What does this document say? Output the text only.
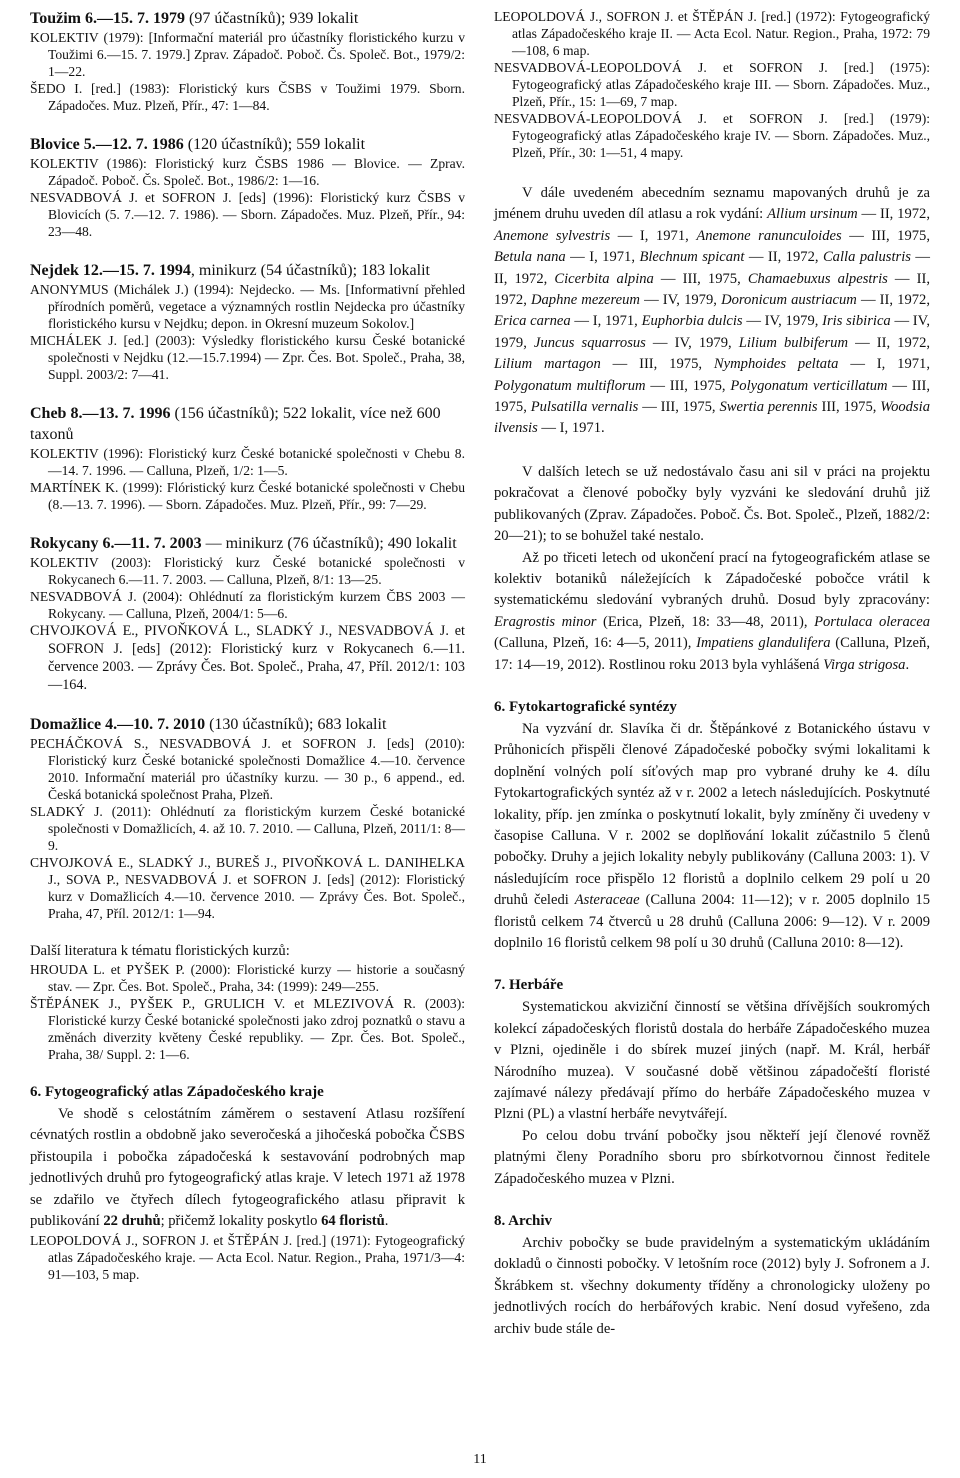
Toužim 6.—15. 7. 1979 (97 účastníků); 939 lokalit

KOLEKTIV (1979): [Informační materiál pro účastníky floristického kurzu v Toužimi 6.—15. 7. 1979.] Zprav. Západoč. Poboč. Čs. Společ. Bot., 1979/2: 1—22.

ŠEDO I. [red.] (1983): Floristický kurs ČSBS v Toužimi 1979. Sborn. Západočes. Muz. Plzeň, Přír., 47: 1—84.

Blovice 5.—12. 7. 1986 (120 účastníků); 559 lokalit

KOLEKTIV (1986): Floristický kurz ČSBS 1986 — Blovice. — Zprav. Západoč. Poboč. Čs. Společ. Bot., 1986/2: 1—16.

NESVADBOVÁ J. et SOFRON J. [eds] (1996): Floristický kurz ČSBS v Blovicích (5. 7.—12. 7. 1986). — Sborn. Západočes. Muz. Plzeň, Přír., 94: 23—48.

Nejdek 12.—15. 7. 1994, minikurz (54 účastníků); 183 lokalit

ANONYMUS (Michálek J.) (1994): Nejdecko. — Ms. [Informativní přehled přírodních poměrů, vegetace a významných rostlin Nejdecka pro účastníky floristického kursu v Nejdku; depon. in Okresní muzeum Sokolov.]

MICHÁLEK J. [ed.] (2003): Výsledky floristického kursu České botanické společnosti v Nejdku (12.—15.7.1994) — Zpr. Čes. Bot. Společ., Praha, 38, Suppl. 2003/2: 7—41.

Cheb 8.—13. 7. 1996 (156 účastníků); 522 lokalit, více než 600 taxonů

KOLEKTIV (1996): Floristický kurz České botanické společnosti v Chebu 8.—14. 7. 1996. — Calluna, Plzeň, 1/2: 1—5.

MARTÍNEK K. (1999): Flóristický kurz České botanické společnosti v Chebu (8.—13. 7. 1996). — Sborn. Západočes. Muz. Plzeň, Přír., 99: 7—29.

Rokycany 6.—11. 7. 2003 — minikurz (76 účastníků); 490 lokalit

KOLEKTIV (2003): Floristický kurz České botanické společnosti v Rokycanech 6.—11. 7. 2003. — Calluna, Plzeň, 8/1: 13—25.

NESVADBOVÁ J. (2004): Ohlédnutí za floristickým kurzem ČBS 2003 — Rokycany. — Calluna, Plzeň, 2004/1: 5—6.

CHVOJKOVÁ E., PIVOŇKOVÁ L., SLADKÝ J., NESVADBOVÁ J. et SOFRON J. [eds] (2012): Floristický kurz v Rokycanech 6.—11. července 2003. — Zprávy Čes. Bot. Společ., Praha, 47, Příl. 2012/1: 103—164.

Domažlice 4.—10. 7. 2010 (130 účastníků); 683 lokalit

PECHÁČKOVÁ S., NESVADBOVÁ J. et SOFRON J. [eds] (2010): Floristický kurz České botanické společnosti Domažlice 4.—10. července 2010. Informační materiál pro účastníky kurzu. — 30 p., 6 append., ed. Česká botanická společnost Praha, Plzeň.

SLADKÝ J. (2011): Ohlédnutí za floristickým kurzem České botanické společnosti v Domažlicích, 4. až 10. 7. 2010. — Calluna, Plzeň, 2011/1: 8—9.

CHVOJKOVÁ E., SLADKÝ J., BUREŠ J., PIVOŇKOVÁ L. DANIHELKA J., SOVA P., NESVADBOVÁ J. et SOFRON J. [eds] (2012): Floristický kurz v Domažlicích 4.—10. července 2010. — Zprávy Čes. Bot. Společ., Praha, 47, Příl. 2012/1: 1—94.

Další literatura k tématu floristických kurzů:

HROUDA L. et PYŠEK P. (2000): Floristické kurzy — historie a současný stav. — Zpr. Čes. Bot. Společ., Praha, 34: (1999): 249—255.

ŠTĚPÁNEK J., PYŠEK P., GRULICH V. et MLEZIVOVÁ R. (2003): Floristické kurzy České botanické společnosti jako zdroj poznatků o stavu a změnách diverzity květeny České republiky. — Zpr. Čes. Bot. Společ., Praha, 38/ Suppl. 2: 1—6.

6. Fytogeografický atlas Západočeského kraje

Ve shodě s celostátním záměrem o sestavení Atlasu rozšíření cévnatých rostlin a obdobně jako severočeská a jihočeská pobočka ČSBS přistoupila i pobočka západočeská k sestavování podrobných map jednotlivých druhů pro fytogeografický atlas kraje. V letech 1971 až 1978 se zdařilo ve čtyřech dílech fytogeografického atlasu připravit k publikování 22 druhů; přičemž lokality poskytlo 64 floristů.

LEOPOLDOVÁ J., SOFRON J. et ŠTĚPÁN J. [red.] (1971): Fytogeografický atlas Západočeského kraje. — Acta Ecol. Natur. Region., Praha, 1971/3—4: 91—103, 5 map.

LEOPOLDOVÁ J., SOFRON J. et ŠTĚPÁN J. [red.] (1972): Fytogeografický atlas Západočeského kraje II. — Acta Ecol. Natur. Region., Praha, 1972: 79—108, 6 map.

NESVADBOVÁ-LEOPOLDOVÁ J. et SOFRON J. [red.] (1975): Fytogeografický atlas Západočeského kraje III. — Sborn. Západočes. Muz., Plzeň, Přír., 15: 1—69, 7 map.

NESVADBOVÁ-LEOPOLDOVÁ J. et SOFRON J. [red.] (1979): Fytogeografický atlas Západočeského kraje IV. — Sborn. Západočes. Muz., Plzeň, Přír., 30: 1—51, 4 mapy.

V dále uvedeném abecedním seznamu mapovaných druhů je za jménem druhu uveden díl atlasu a rok vydání: Allium ursinum — II, 1972, Anemone sylvestris — I, 1971, Anemone ranunculoides — III, 1975, Betula nana — I, 1971, Blechnum spicant — II, 1972, Calla palustris — II, 1972, Cicerbita alpina — III, 1975, Chamaebuxus alpestris — II, 1972, Daphne mezereum — IV, 1979, Doronicum austriacum — II, 1972, Erica carnea — I, 1971, Euphorbia dulcis — IV, 1979, Iris sibirica — IV, 1979, Juncus squarrosus — IV, 1979, Lilium bulbiferum — II, 1972, Lilium martagon — III, 1975, Nymphoides peltata — I, 1971, Polygonatum multiflorum — III, 1975, Polygonatum verticillatum — III, 1975, Pulsatilla vernalis — III, 1975, Swertia perennis III, 1975, Woodsia ilvensis — I, 1971.

V dalších letech se už nedostávalo času ani sil v práci na projektu pokračovat a členové pobočky byly vyzváni ke sledování druhů již publikovaných (Zprav. Západočes. Poboč. Čs. Bot. Společ., Plzeň, 1882/2: 20—21); to se bohužel také nestalo.

Až po třiceti letech od ukončení prací na fytogeografickém atlase se kolektiv botaniků náležejících k Západočeské pobočce vrátil k systematickému sledování vybraných druhů. Dosud byly zpracovány: Eragrostis minor (Erica, Plzeň, 18: 33—48, 2011), Portulaca oleracea (Calluna, Plzeň, 16: 4—5, 2011), Impatiens glandulifera (Calluna, Plzeň, 17: 14—19, 2012). Rostlinou roku 2013 byla vyhlášená Virga strigosa.

6. Fytokartografické syntézy

Na vyzvání dr. Slavíka či dr. Štěpánkové z Botanického ústavu v Průhonicích přispěli členové Západočeské pobočky svými lokalitami k doplnění volných polí síťových map pro vybrané druhy ke 4. dílu Fytokartografických syntéz až v r. 2002 a letech následujících. Poskytnuté lokality, příp. jen zmínka o poskytnutí lokalit, byly zmíněny či uvedeny v časopise Calluna. V r. 2002 se doplňování lokalit zúčastnilo 5 členů pobočky. Druhy a jejich lokality nebyly publikovány (Calluna 2003: 1). V následujícím roce přispělo 12 floristů a doplnilo celkem 29 polí u 20 druhů čeledi Asteraceae (Calluna 2004: 11—12); v r. 2005 doplnilo 15 floristů celkem 74 čtverců u 28 druhů (Calluna 2006: 9—12). V r. 2009 doplnilo 16 floristů celkem 98 polí u 30 druhů (Calluna 2010: 8—12).

7. Herbáře

Systematickou akviziční činností se většina dřívějších soukromých kolekcí západočeských floristů dostala do herbáře Západočeského muzea v Plzni, ojediněle i do sbírek muzeí jiných (např. M. Král, herbář Národního muzea). V současné době většinou západočeští floristé zajímavé nálezy předávají přímo do herbáře Západočeského muzea v Plzni (PL) a vlastní herbáře nevytvářejí.

Po celou dobu trvání pobočky jsou někteří její členové rovněž platnými členy Poradního sboru pro sbírkotvornou činnost ředitele Západočeského muzea v Plzni.

8. Archiv

Archiv pobočky se bude pravidelným a systematickým ukládáním dokladů o činnosti pobočky. V letošním roce (2012) byly J. Sofronem a J. Škrábkem st. všechny dokumenty tříděny a chronologicky uloženy po jednotlivých rocích do herbářových krabic. Není dosud vyřešeno, zda archiv bude stále de-

11
